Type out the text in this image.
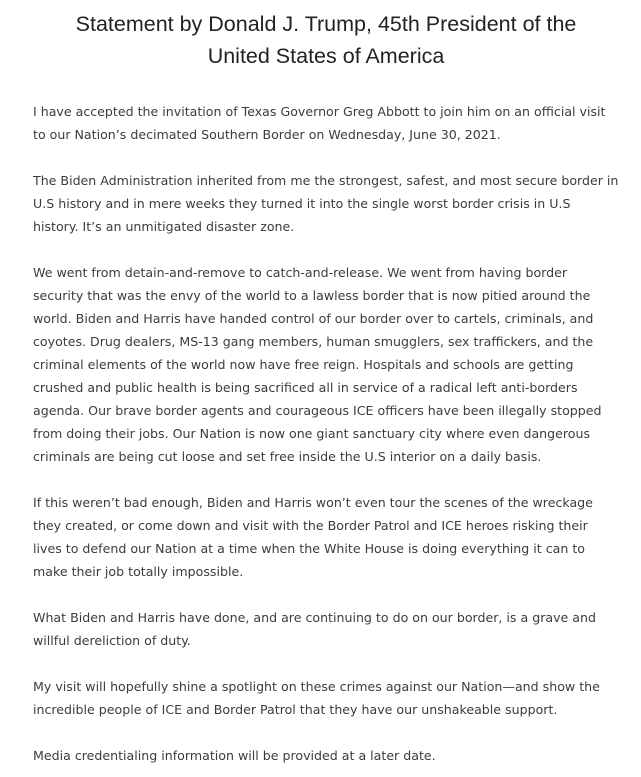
Statement by Donald J. Trump, 45th President of the United States of America

I have accepted the invitation of Texas Governor Greg Abbott to join him on an official visit to our Nation’s decimated Southern Border on Wednesday, June 30, 2021.

The Biden Administration inherited from me the strongest, safest, and most secure border in U.S history and in mere weeks they turned it into the single worst border crisis in U.S history. It’s an unmitigated disaster zone.

We went from detain-and-remove to catch-and-release. We went from having border security that was the envy of the world to a lawless border that is now pitied around the world. Biden and Harris have handed control of our border over to cartels, criminals, and coyotes. Drug dealers, MS-13 gang members, human smugglers, sex traffickers, and the criminal elements of the world now have free reign. Hospitals and schools are getting crushed and public health is being sacrificed all in service of a radical left anti-borders agenda. Our brave border agents and courageous ICE officers have been illegally stopped from doing their jobs. Our Nation is now one giant sanctuary city where even dangerous criminals are being cut loose and set free inside the U.S interior on a daily basis.

If this weren’t bad enough, Biden and Harris won’t even tour the scenes of the wreckage they created, or come down and visit with the Border Patrol and ICE heroes risking their lives to defend our Nation at a time when the White House is doing everything it can to make their job totally impossible.

What Biden and Harris have done, and are continuing to do on our border, is a grave and willful dereliction of duty.

My visit will hopefully shine a spotlight on these crimes against our Nation—and show the incredible people of ICE and Border Patrol that they have our unshakeable support.

Media credentialing information will be provided at a later date.
